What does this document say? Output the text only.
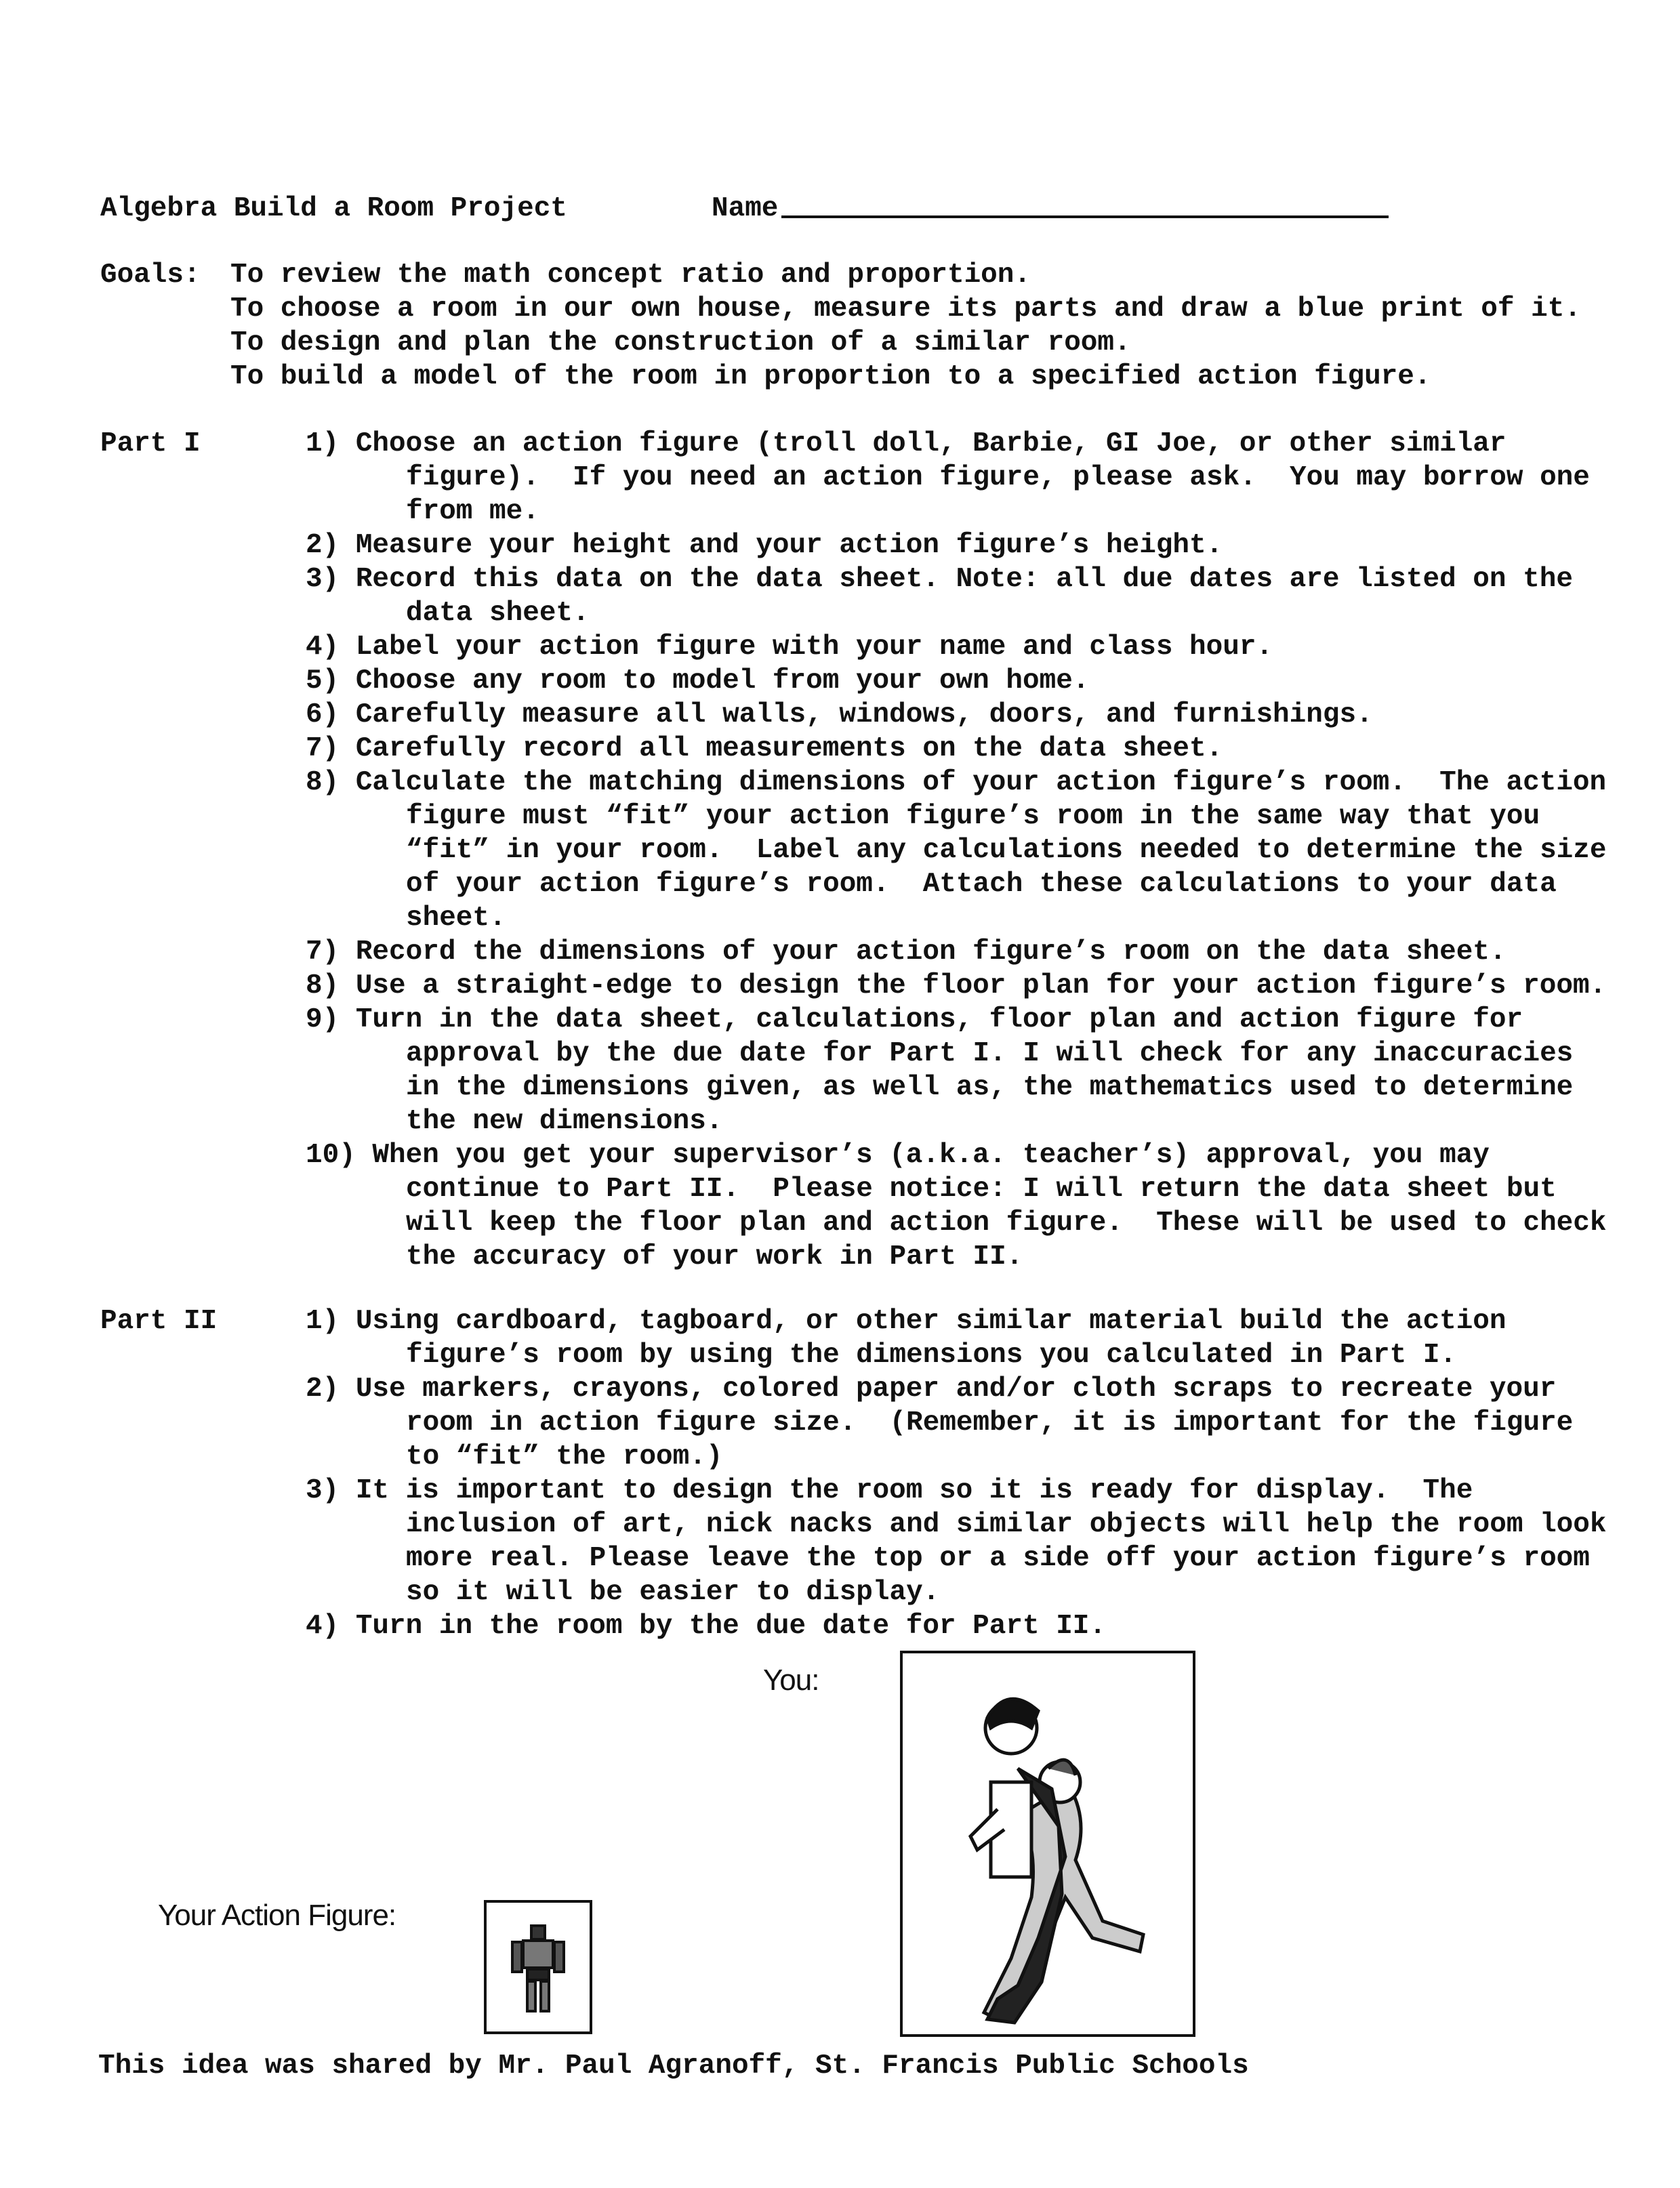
Algebra Build a Room Project	Name
Goals: To review the math concept ratio and proportion.
To choose a room in our own house, measure its parts and draw a blue print of it.
To design and plan the construction of a similar room.
To build a model of the room in proportion to a specified action figure.
Part I	1) Choose an action figure (troll doll, Barbie, GI Joe, or other similar
figure).  If you need an action figure, please ask.  You may borrow one
from me.
2) Measure your height and your action figure’s height.
3) Record this data on the data sheet. Note: all due dates are listed on the
data sheet.
4) Label your action figure with your name and class hour.
5) Choose any room to model from your own home.
6) Carefully measure all walls, windows, doors, and furnishings.
7) Carefully record all measurements on the data sheet.
8) Calculate the matching dimensions of your action figure’s room.  The action
figure must “fit” your action figure’s room in the same way that you
“fit” in your room.  Label any calculations needed to determine the size
of your action figure’s room.  Attach these calculations to your data
sheet.
7) Record the dimensions of your action figure’s room on the data sheet.
8) Use a straight-edge to design the floor plan for your action figure’s room.
9) Turn in the data sheet, calculations, floor plan and action figure for
approval by the due date for Part I. I will check for any inaccuracies
in the dimensions given, as well as, the mathematics used to determine
the new dimensions.
10) When you get your supervisor’s (a.k.a. teacher’s) approval, you may
continue to Part II.  Please notice: I will return the data sheet but
will keep the floor plan and action figure.  These will be used to check
the accuracy of your work in Part II.
Part II	1) Using cardboard, tagboard, or other similar material build the action
figure’s room by using the dimensions you calculated in Part I.
2) Use markers, crayons, colored paper and/or cloth scraps to recreate your
room in action figure size.  (Remember, it is important for the figure
to “fit” the room.)
3) It is important to design the room so it is ready for display.  The
inclusion of art, nick nacks and similar objects will help the room look
more real. Please leave the top or a side off your action figure’s room
so it will be easier to display.
4) Turn in the room by the due date for Part II.
You:
Your Action Figure:
This idea was shared by Mr. Paul Agranoff, St. Francis Public Schools
